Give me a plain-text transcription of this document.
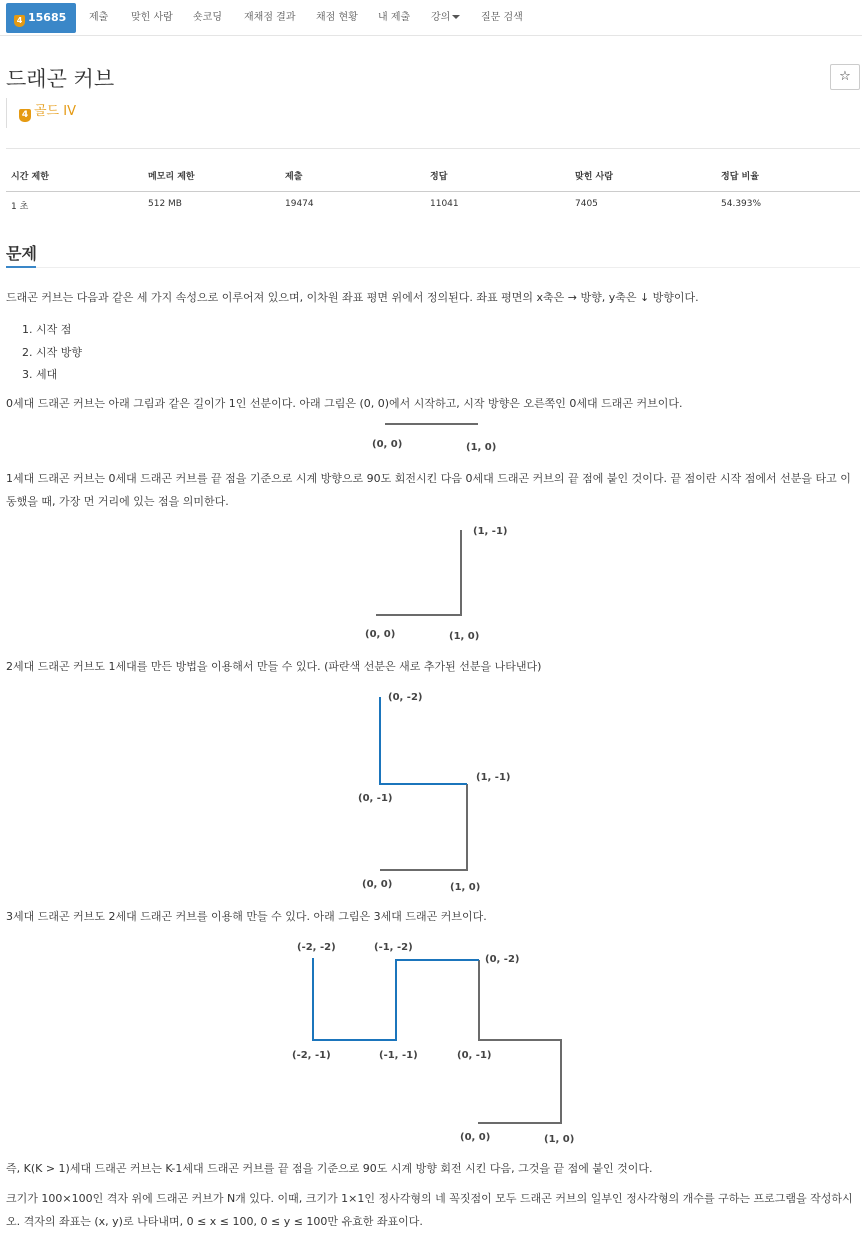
4 15685번
제출 맞힌 사람 숏코딩 재채점 결과 채점 현황 내 제출 강의	질문 검색
드래곤 커브	☆
4 골드 IV
시간 제한	메모리 제한	제출	정답	맞힌 사람	정답 비율
1 초	512 MB	19474	11041	7405	54.393%
문제
드래곤 커브는 다음과 같은 세 가지 속성으로 이루어져 있으며, 이차원 좌표 평면 위에서 정의된다. 좌표 평면의 x축은 → 방향, y축은 ↓ 방향이다.
1. 시작 점
2. 시작 방향
3. 세대
0세대 드래곤 커브는 아래 그림과 같은 길이가 1인 선분이다. 아래 그림은 (0, 0)에서 시작하고, 시작 방향은 오른쪽인 0세대 드래곤 커브이다.
1세대 드래곤 커브는 0세대 드래곤 커브를 끝 점을 기준으로 시계 방향으로 90도 회전시킨 다음 0세대 드래곤 커브의 끝 점에 붙인 것이다. 끝 점이란 시작 점에서 선분을 타고 이동했을 때, 가장 먼 거리에 있는 점을 의미한다.
2세대 드래곤 커브도 1세대를 만든 방법을 이용해서 만들 수 있다. (파란색 선분은 새로 추가된 선분을 나타낸다)
3세대 드래곤 커브도 2세대 드래곤 커브를 이용해 만들 수 있다. 아래 그림은 3세대 드래곤 커브이다.
즉, K(K > 1)세대 드래곤 커브는 K-1세대 드래곤 커브를 끝 점을 기준으로 90도 시계 방향 회전 시킨 다음, 그것을 끝 점에 붙인 것이다.
크기가 100×100인 격자 위에 드래곤 커브가 N개 있다. 이때, 크기가 1×1인 정사각형의 네 꼭짓점이 모두 드래곤 커브의 일부인 정사각형의 개수를 구하는 프로그램을 작성하시오. 격자의 좌표는 (x, y)로 나타내며, 0 ≤ x ≤ 100, 0 ≤ y ≤ 100만 유효한 좌표이다.
(0, 0)	(1, 0)
(1, -1)
(0, 0)	(1, 0)
(0, -2)
(1, -1)
(0, -1)
(0, 0)	(1, 0)
(-2, -2)	(-1, -2)
(0, -2)
(-2, -1)	(-1, -1)	(0, -1)
(0, 0)	(1, 0)
